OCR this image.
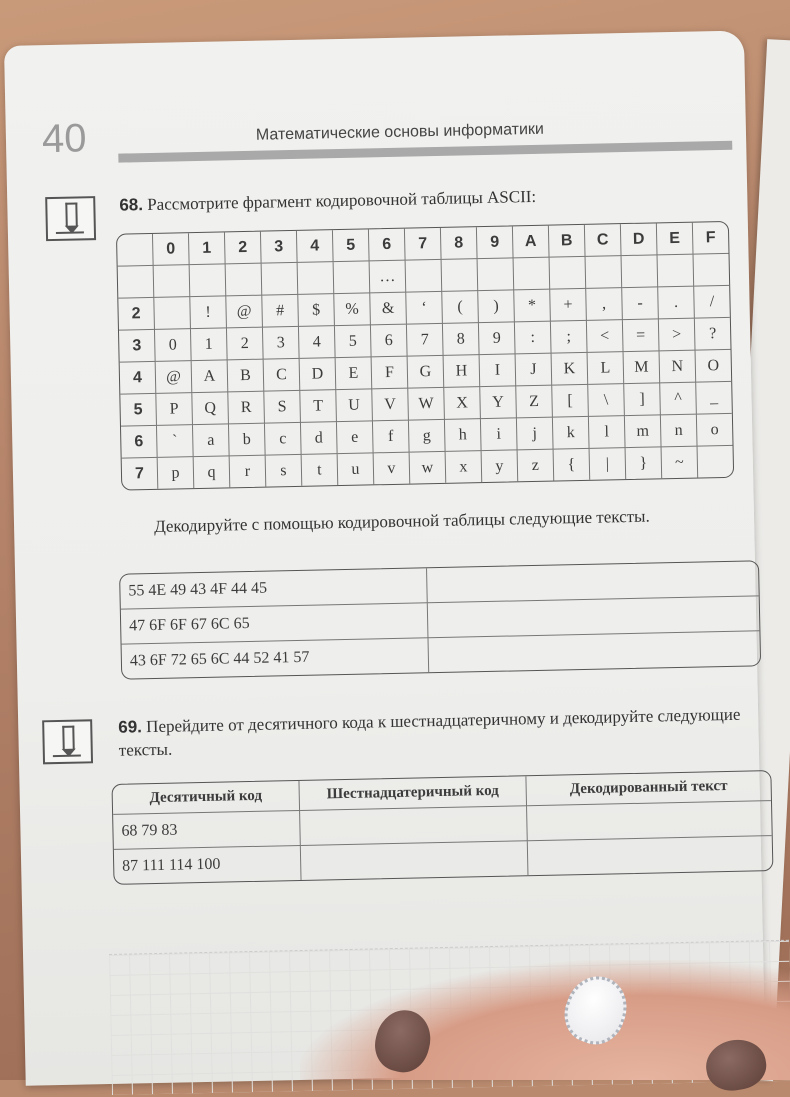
40	Математические основы информатики
68. Рассмотрите фрагмент кодировочной таблицы ASCII:
	0	1	2	3	4	5	6	7	8	9	A	B	C	D	E	F
							…									
2		!	@	#	$	%	&	‘	(	)	*	+	,	-	.	/
3	0	1	2	3	4	5	6	7	8	9	:	;	<	=	>	?
4	@	A	B	C	D	E	F	G	H	I	J	K	L	M	N	O
5	P	Q	R	S	T	U	V	W	X	Y	Z	[	\	]	^	_
6	`	a	b	c	d	e	f	g	h	i	j	k	l	m	n	o
7	p	q	r	s	t	u	v	w	x	y	z	{	|	}	~	
Декодируйте с помощью кодировочной таблицы следующие тексты.
55 4E 49 43 4F 44 45	
47 6F 6F 67 6C 65	
43 6F 72 65 6C 44 52 41 57	
69. Перейдите от десятичного кода к шестнадцатеричному и декодируйте следующие тексты.
Десятичный код	Шестнадцатеричный код	Декодированный текст
68 79 83		
87 111 114 100		
